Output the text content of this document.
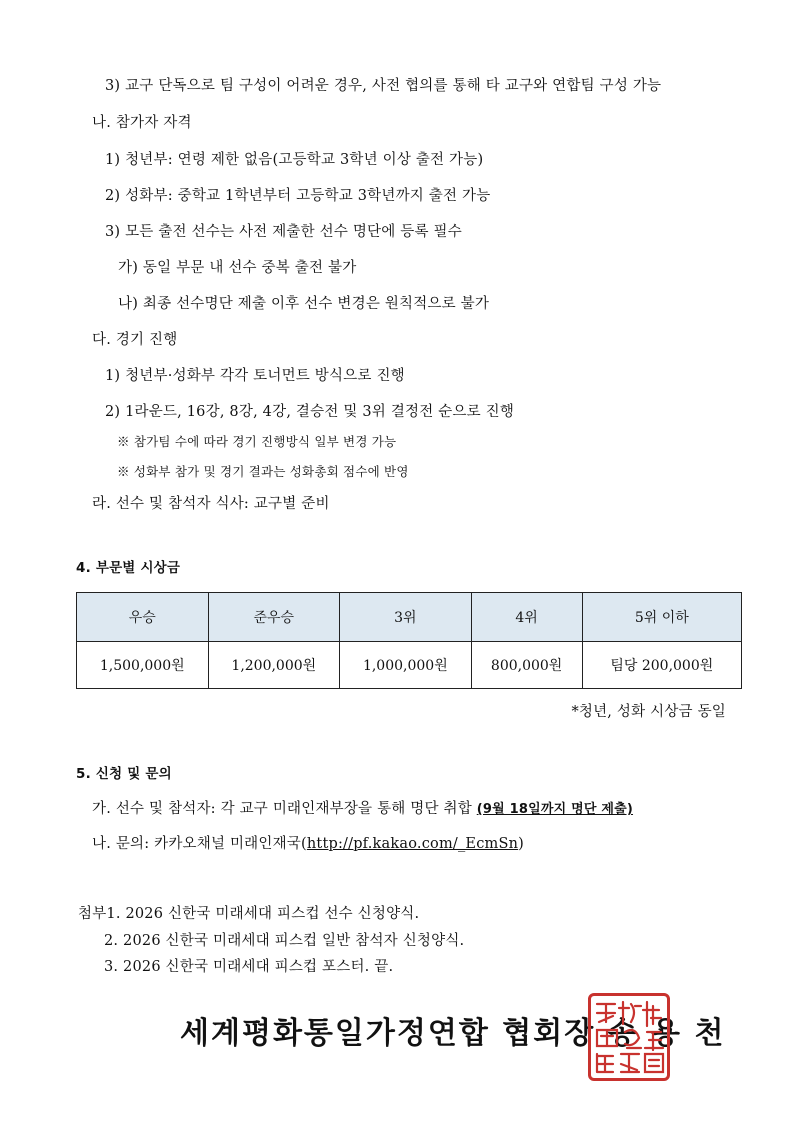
3) 교구 단독으로 팀 구성이 어려운 경우, 사전 협의를 통해 타 교구와 연합팀 구성 가능
나. 참가자 자격
1) 청년부: 연령 제한 없음(고등학교 3학년 이상 출전 가능)
2) 성화부: 중학교 1학년부터 고등학교 3학년까지 출전 가능
3) 모든 출전 선수는 사전 제출한 선수 명단에 등록 필수
가) 동일 부문 내 선수 중복 출전 불가
나) 최종 선수명단 제출 이후 선수 변경은 원칙적으로 불가
다. 경기 진행
1) 청년부·성화부 각각 토너먼트 방식으로 진행
2) 1라운드, 16강, 8강, 4강, 결승전 및 3위 결정전 순으로 진행
※ 참가팀 수에 따라 경기 진행방식 일부 변경 가능
※ 성화부 참가 및 경기 결과는 성화총회 점수에 반영
라. 선수 및 참석자 식사: 교구별 준비
4. 부문별 시상금
우승	준우승	3위	4위	5위 이하
1,500,000원	1,200,000원	1,000,000원	800,000원	팀당 200,000원
*청년, 성화 시상금 동일
5. 신청 및 문의
가. 선수 및 참석자: 각 교구 미래인재부장을 통해 명단 취합 (9월 18일까지 명단 제출)
나. 문의: 카카오채널 미래인재국(http://pf.kakao.com/_EcmSn)
첨부1. 2026 신한국 미래세대 피스컵 선수 신청양식.
2. 2026 신한국 미래세대 피스컵 일반 참석자 신청양식.
3. 2026 신한국 미래세대 피스컵 포스터. 끝.
세계평화통일가정연합 협회장 송 용 천
